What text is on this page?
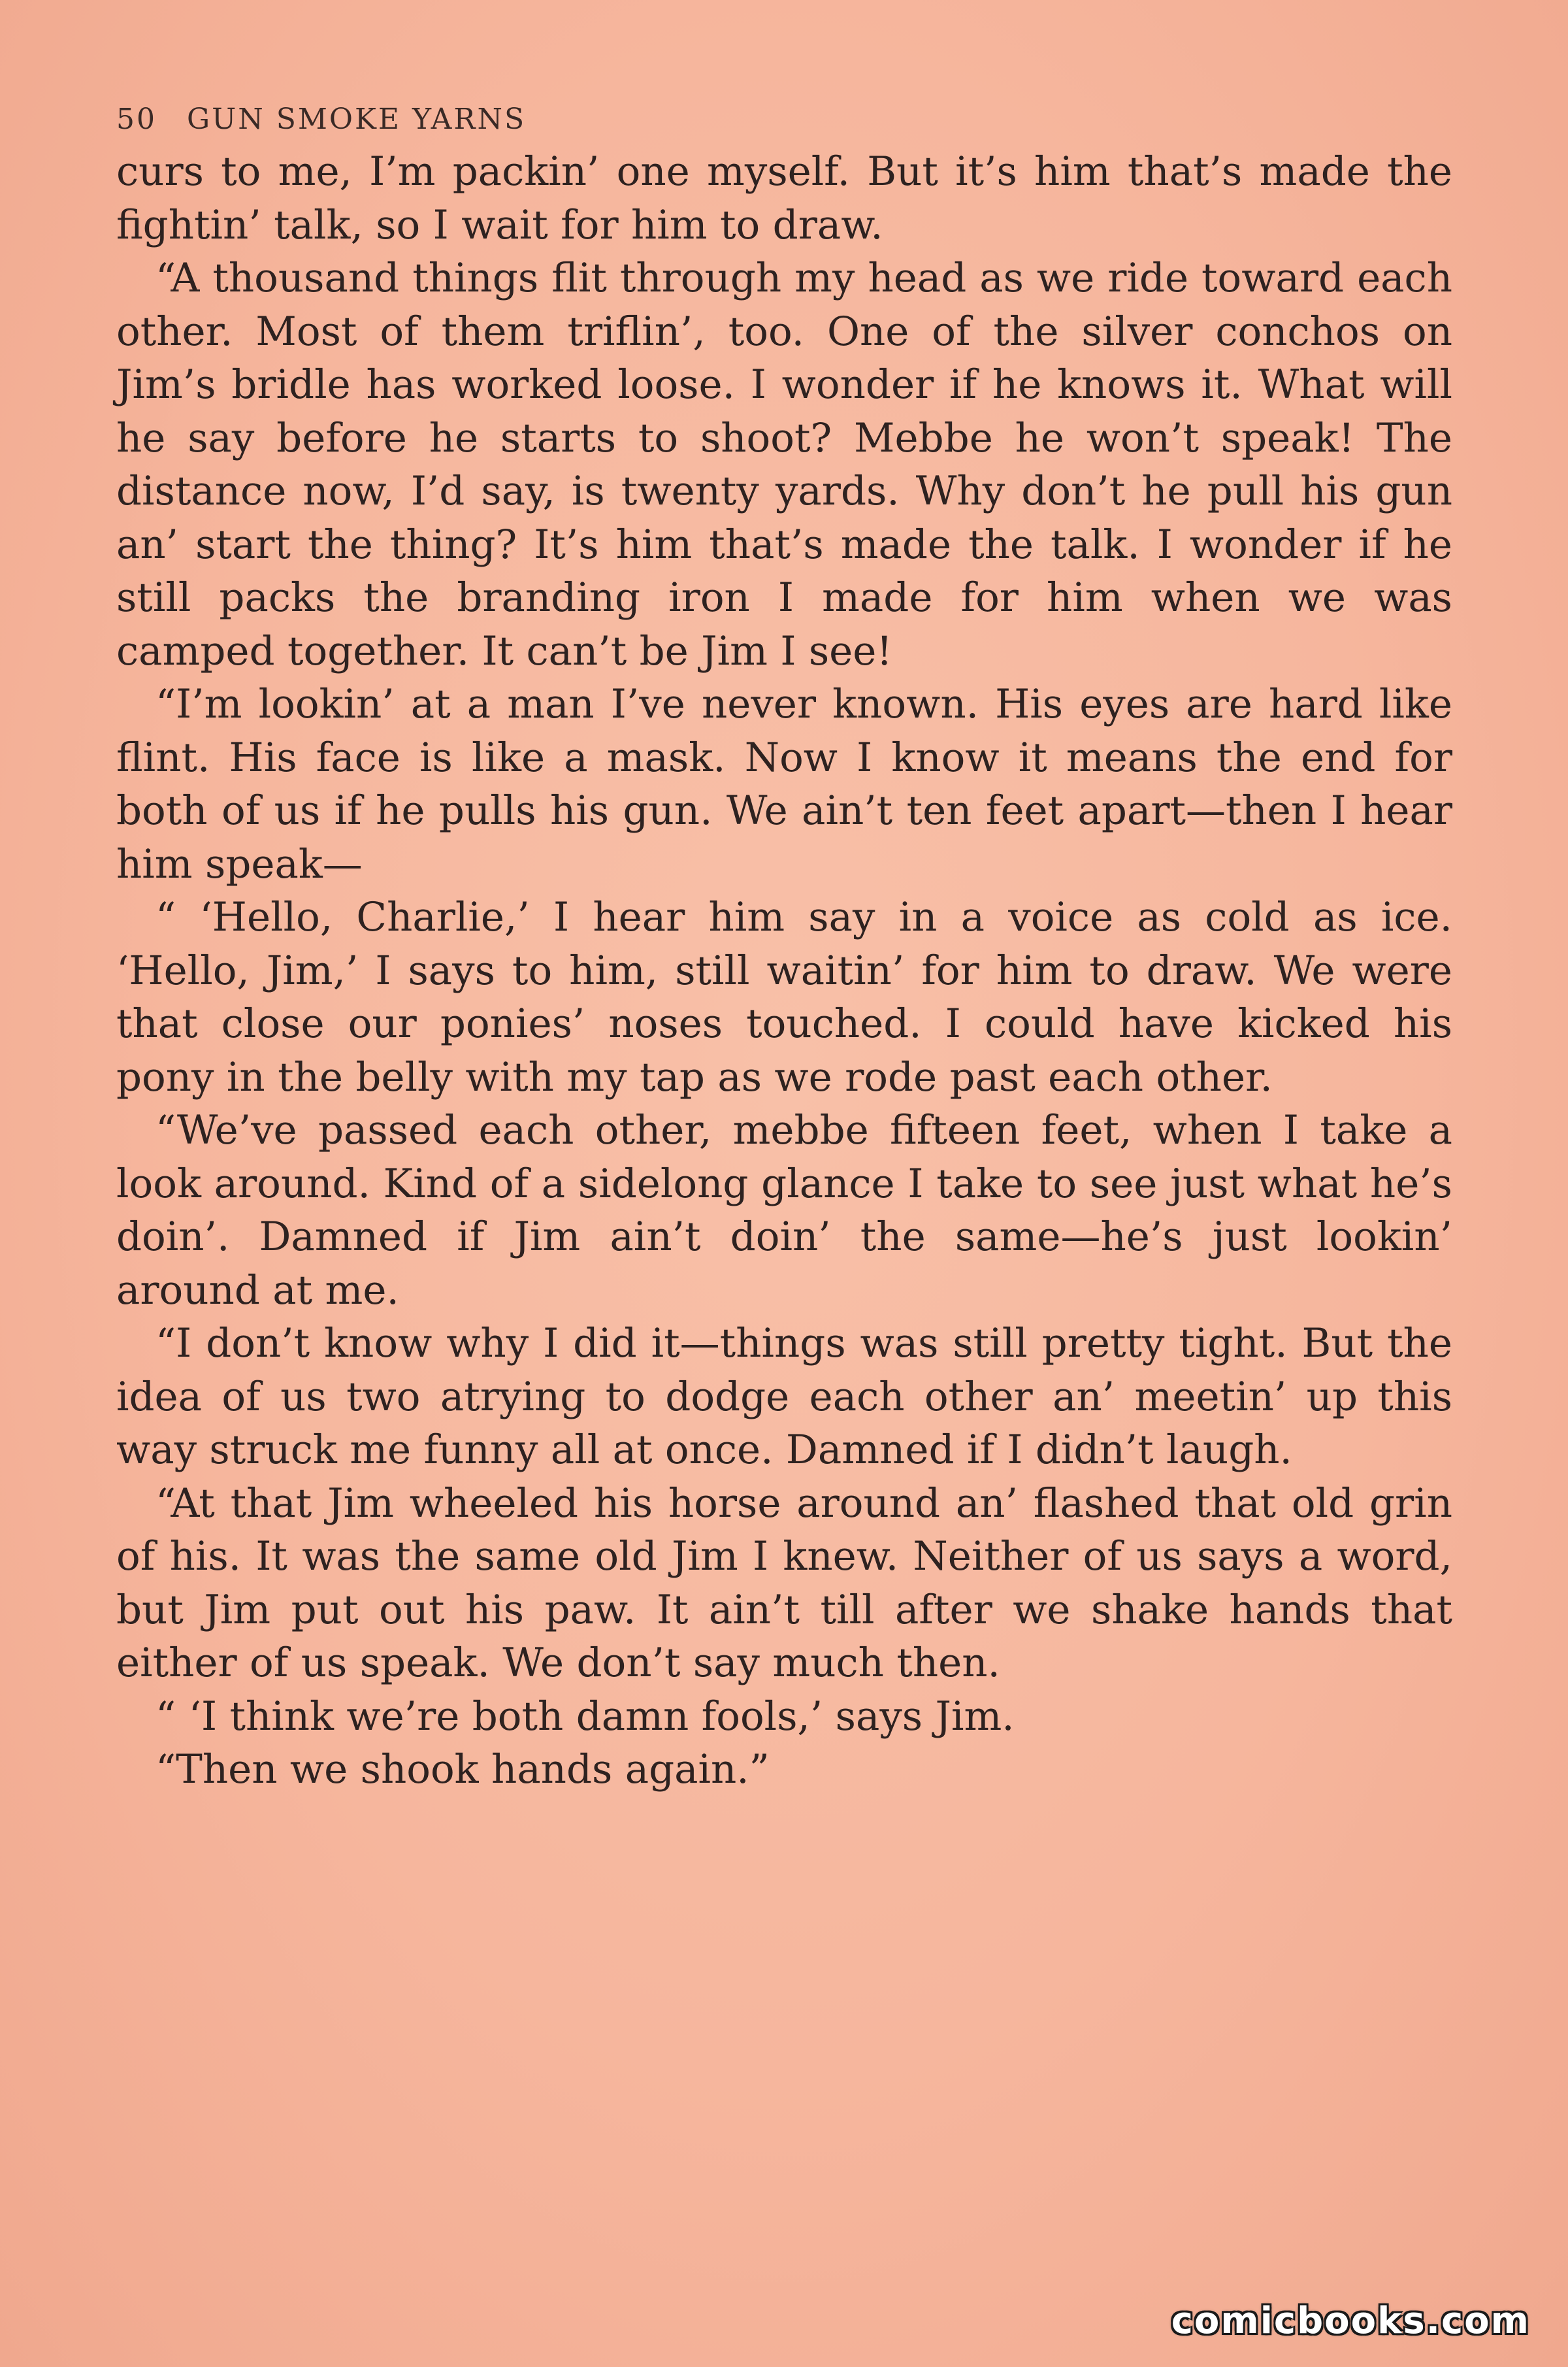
50 GUN SMOKE YARNS

curs to me, I’m packin’ one myself. But it’s him that’s made the fightin’ talk, so I wait for him to draw.

“A thousand things flit through my head as we ride toward each other. Most of them triflin’, too. One of the silver conchos on Jim’s bridle has worked loose. I wonder if he knows it. What will he say before he starts to shoot? Mebbe he won’t speak! The distance now, I’d say, is twenty yards. Why don’t he pull his gun an’ start the thing? It’s him that’s made the talk. I wonder if he still packs the branding iron I made for him when we was camped together. It can’t be Jim I see!

“I’m lookin’ at a man I’ve never known. His eyes are hard like flint. His face is like a mask. Now I know it means the end for both of us if he pulls his gun. We ain’t ten feet apart—then I hear him speak—

“ ‘Hello, Charlie,’ I hear him say in a voice as cold as ice. ‘Hello, Jim,’ I says to him, still waitin’ for him to draw. We were that close our ponies’ noses touched. I could have kicked his pony in the belly with my tap as we rode past each other.

“We’ve passed each other, mebbe fifteen feet, when I take a look around. Kind of a sidelong glance I take to see just what he’s doin’. Damned if Jim ain’t doin’ the same—he’s just lookin’ around at me.

“I don’t know why I did it—things was still pretty tight. But the idea of us two atrying to dodge each other an’ meetin’ up this way struck me funny all at once. Damned if I didn’t laugh.

“At that Jim wheeled his horse around an’ flashed that old grin of his. It was the same old Jim I knew. Neither of us says a word, but Jim put out his paw. It ain’t till after we shake hands that either of us speak. We don’t say much then.

“ ‘I think we’re both damn fools,’ says Jim.

“Then we shook hands again.”

comicbooks.com
